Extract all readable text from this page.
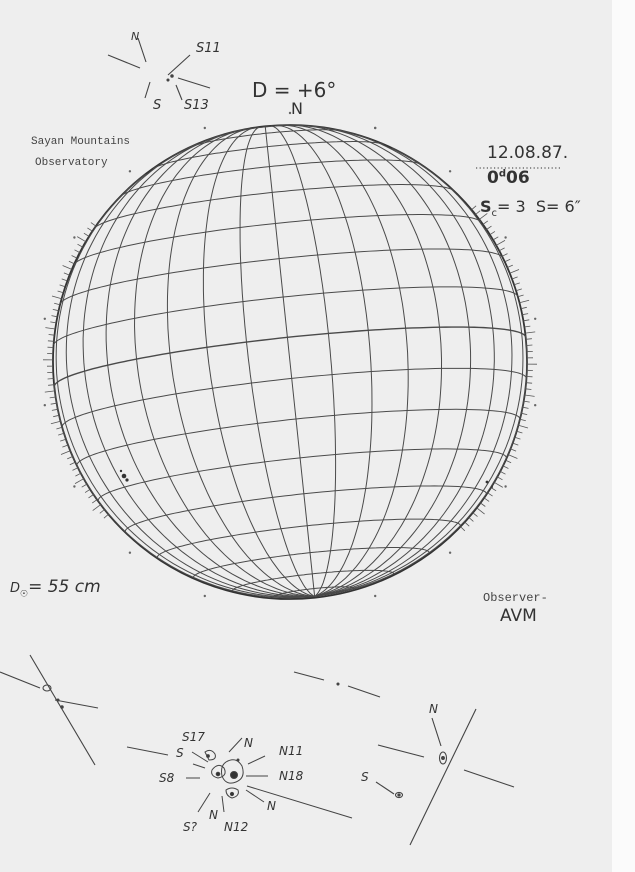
N
S11
S S13
D = +6°
N
Sayan Mountains
Observatory	12.08.87.
0$^d$06
$S_c= 3$ S= 6″
$D_☉= 55$ cm
Observer-
AVM
S17
S
N
N11
S8	N18
N
N
S? N12
N
S
